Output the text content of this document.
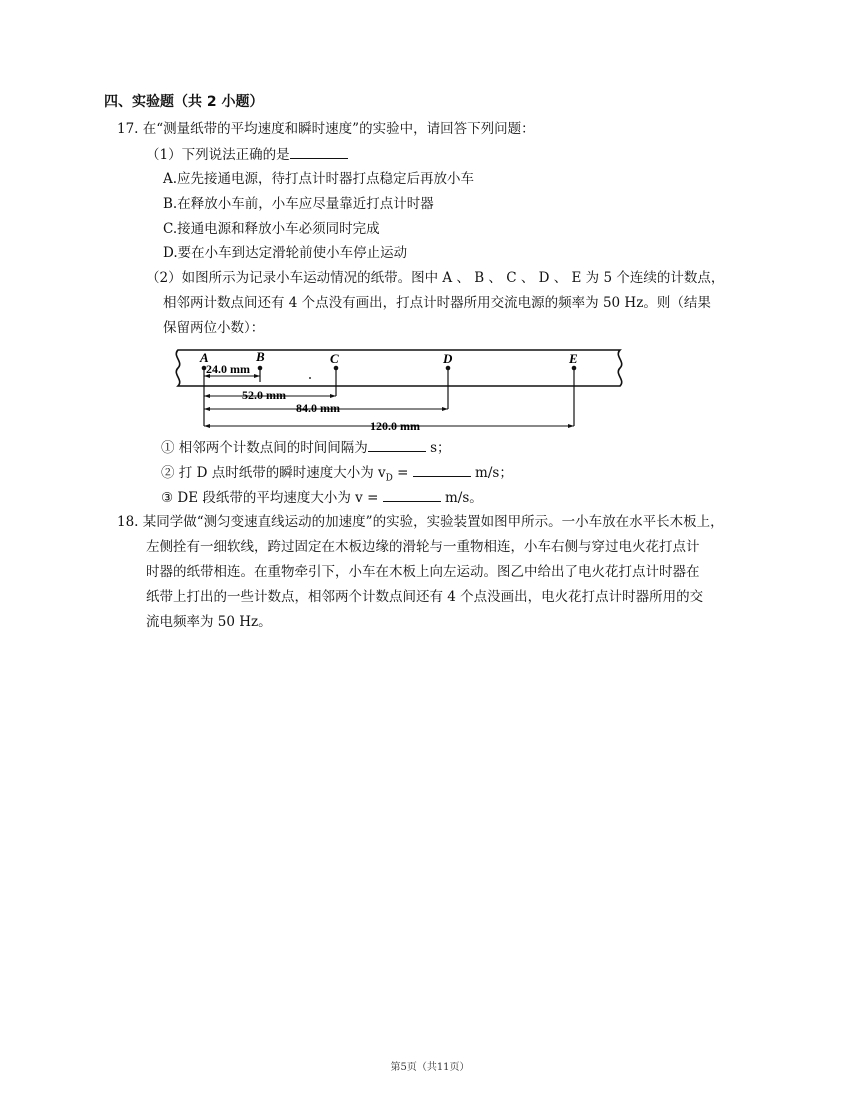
四、实验题（共 2 小题）
17. 在“测量纸带的平均速度和瞬时速度”的实验中，请回答下列问题：
（1）下列说法正确的是
A.应先接通电源，待打点计时器打点稳定后再放小车
B.在释放小车前，小车应尽量靠近打点计时器
C.接通电源和释放小车必须同时完成
D.要在小车到达定滑轮前使小车停止运动
（2）如图所示为记录小车运动情况的纸带。图中 A 、 B 、 C 、 D 、 E 为 5 个连续的计数点，
相邻两计数点间还有 4 个点没有画出，打点计时器所用交流电源的频率为 50 Hz。则（结果
保留两位小数）：
A	B	C	D	E
24.0 mm
52.0 mm
84.0 mm
120.0 mm
① 相邻两个计数点间的时间间隔为	s；
② 打 D 点时纸带的瞬时速度大小为 $v_D$ =	m/s；
③ DE 段纸带的平均速度大小为 v =	m/s。
18. 某同学做“测匀变速直线运动的加速度”的实验，实验装置如图甲所示。一小车放在水平长木板上，
左侧拴有一细软线，跨过固定在木板边缘的滑轮与一重物相连，小车右侧与穿过电火花打点计
时器的纸带相连。在重物牵引下，小车在木板上向左运动。图乙中给出了电火花打点计时器在
纸带上打出的一些计数点，相邻两个计数点间还有 4 个点没画出，电火花打点计时器所用的交
流电频率为 50 Hz。
第5页（共11页）
